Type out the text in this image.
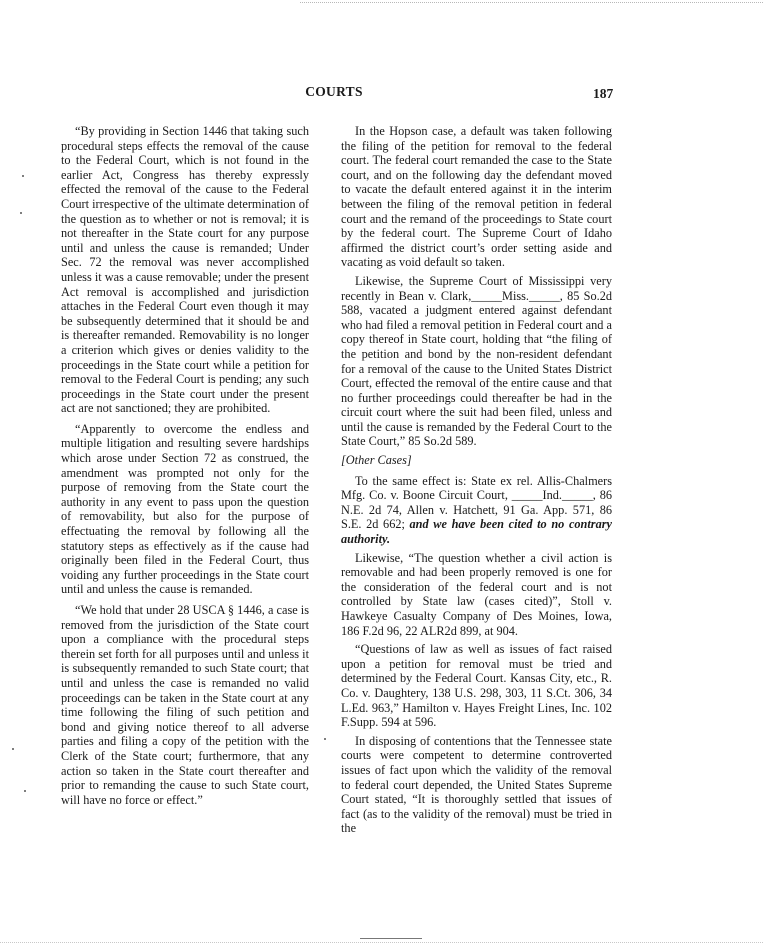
COURTS	187

“By providing in Section 1446 that taking such procedural steps effects the removal of the cause to the Federal Court, which is not found in the earlier Act, Congress has thereby expressly effected the removal of the cause to the Federal Court irrespective of the ultimate determination of the question as to whether or not is removal; it is not thereafter in the State court for any purpose until and unless the cause is remanded; Under Sec. 72 the removal was never accomplished unless it was a cause removable; under the present Act removal is accomplished and jurisdiction attaches in the Federal Court even though it may be subsequently determined that it should be and is thereafter remanded. Removability is no longer a criterion which gives or denies validity to the proceedings in the State court while a petition for removal to the Federal Court is pending; any such proceedings in the State court under the present act are not sanctioned; they are prohibited.

“Apparently to overcome the endless and multiple litigation and resulting severe hardships which arose under Section 72 as construed, the amendment was prompted not only for the purpose of removing from the State court the authority in any event to pass upon the question of removability, but also for the purpose of effectuating the removal by following all the statutory steps as effectively as if the cause had originally been filed in the Federal Court, thus voiding any further proceedings in the State court until and unless the cause is remanded.

“We hold that under 28 USCA § 1446, a case is removed from the jurisdiction of the State court upon a compliance with the procedural steps therein set forth for all purposes until and unless it is subsequently remanded to such State court; that until and unless the case is remanded no valid proceedings can be taken in the State court at any time following the filing of such petition and bond and giving notice thereof to all adverse parties and filing a copy of the petition with the Clerk of the State court; furthermore, that any action so taken in the State court thereafter and prior to remanding the cause to such State court, will have no force or effect.”

In the Hopson case, a default was taken following the filing of the petition for removal to the federal court. The federal court remanded the case to the State court, and on the following day the defendant moved to vacate the default entered against it in the interim between the filing of the removal petition in federal court and the remand of the proceedings to State court by the federal court. The Supreme Court of Idaho affirmed the district court’s order setting aside and vacating as void default so taken.

Likewise, the Supreme Court of Mississippi very recently in Bean v. Clark,_____Miss._____, 85 So.2d 588, vacated a judgment entered against defendant who had filed a removal petition in Federal court and a copy thereof in State court, holding that “the filing of the petition and bond by the non-resident defendant for a removal of the cause to the United States District Court, effected the removal of the entire cause and that no further proceedings could thereafter be had in the circuit court where the suit had been filed, unless and until the cause is remanded by the Federal Court to the State Court,” 85 So.2d 589.

[Other Cases]

To the same effect is: State ex rel. Allis-Chalmers Mfg. Co. v. Boone Circuit Court, _____Ind._____, 86 N.E. 2d 74, Allen v. Hatchett, 91 Ga. App. 571, 86 S.E. 2d 662; and we have been cited to no contrary authority.

Likewise, “The question whether a civil action is removable and had been properly removed is one for the consideration of the federal court and is not controlled by State law (cases cited)”, Stoll v. Hawkeye Casualty Company of Des Moines, Iowa, 186 F.2d 96, 22 ALR2d 899, at 904.

“Questions of law as well as issues of fact raised upon a petition for removal must be tried and determined by the Federal Court. Kansas City, etc., R. Co. v. Daughtery, 138 U.S. 298, 303, 11 S.Ct. 306, 34 L.Ed. 963,” Hamilton v. Hayes Freight Lines, Inc. 102 F.Supp. 594 at 596.

In disposing of contentions that the Tennessee state courts were competent to determine controverted issues of fact upon which the validity of the removal to federal court depended, the United States Supreme Court stated, “It is thoroughly settled that issues of fact (as to the validity of the removal) must be tried in the
